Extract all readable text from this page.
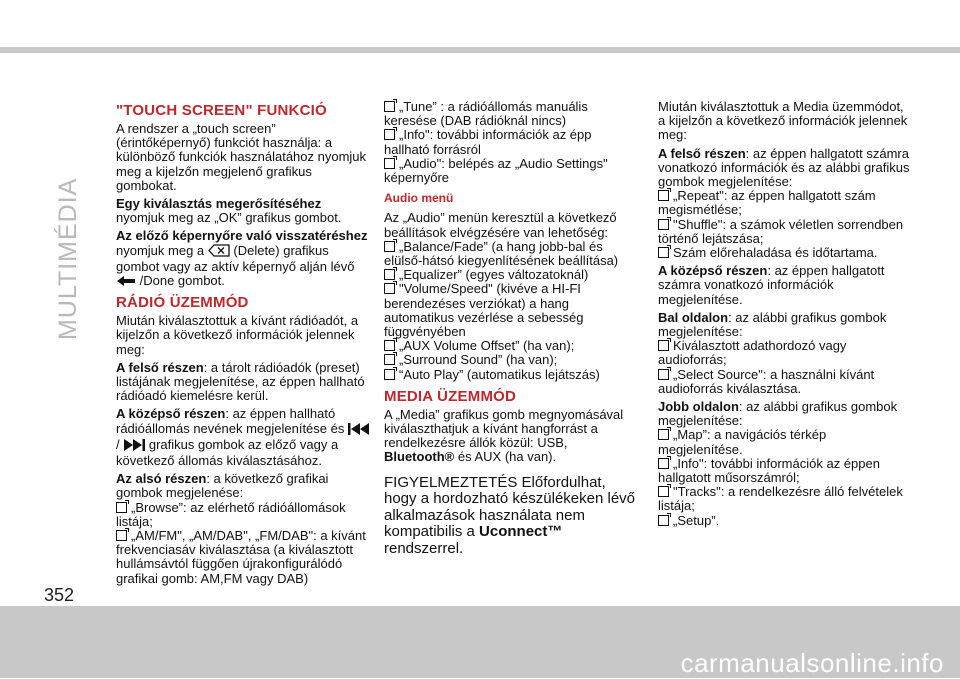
MULTIMÉDIA
"TOUCH SCREEN" FUNKCIÓ

A rendszer a „touch screen” (érintőképernyő) funkciót használja: a különböző funkciók használatához nyomjuk meg a kijelzőn megjelenő grafikus gombokat.

Egy kiválasztás megerősítéséhez nyomjuk meg az „OK” grafikus gombot.

Az előző képernyőre való visszatéréshez nyomjuk meg a  (Delete) grafikus gombot vagy az aktív képernyő alján lévő  /Done gombot.

RÁDIÓ ÜZEMMÓD

Miután kiválasztottuk a kívánt rádióadót, a kijelzőn a következő információk jelennek meg:

A felső részen: a tárolt rádióadók (preset) listájának megjelenítése, az éppen hallható rádióadó kiemelésre kerül.

A középső részen: az éppen hallható rádióállomás nevének megjelenítése és  /  grafikus gombok az előző vagy a következő állomás kiválasztásához.

Az alsó részen: a következő grafikai gombok megjelenése:

„Browse”: az elérhető rádióállomások listája;
„AM/FM", „AM/DAB", „FM/DAB": a kívánt frekvenciasáv kiválasztása (a kiválasztott hullámsávtól függően újrakonfigurálódó grafikai gomb: AM,FM vagy DAB)
„Tune” : a rádióállomás manuális keresése (DAB rádióknál nincs)
„Info": további információk az épp hallható forrásról
„Audio": belépés az „Audio Settings" képernyőre
Audio menü

Az „Audio” menün keresztül a következő beállítások elvégzésére van lehetőség:

„Balance/Fade” (a hang jobb-bal és elülső-hátsó kiegyenlítésének beállítása)
„Equalizer” (egyes változatoknál)
"Volume/Speed" (kivéve a HI-FI berendezéses verziókat) a hang automatikus vezérlése a sebesség függvényében
„AUX Volume Offset” (ha van);
„Surround Sound” (ha van);
“Auto Play” (automatikus lejátszás)
MEDIA ÜZEMMÓD

A „Media” grafikus gomb megnyomásával kiválaszthatjuk a kívánt hangforrást a rendelkezésre állók közül: USB, Bluetooth® és AUX (ha van).

FIGYELMEZTETÉS Előfordulhat, hogy a hordozható készülékeken lévő alkalmazások használata nem kompatibilis a Uconnect™ rendszerrel.

Miután kiválasztottuk a Media üzemmódot, a kijelzőn a következő információk jelennek meg:

A felső részen: az éppen hallgatott számra vonatkozó információk és az alábbi grafikus gombok megjelenítése:

„Repeat": az éppen hallgatott szám megismétlése;
"Shuffle": a számok véletlen sorrendben történő lejátszása;
Szám előrehaladása és időtartama.

A középső részen: az éppen hallgatott számra vonatkozó információk megjelenítése.

Bal oldalon: az alábbi grafikus gombok megjelenítése:

Kiválasztott adathordozó vagy audioforrás;
„Select Source": a használni kívánt audioforrás kiválasztása.

Jobb oldalon: az alábbi grafikus gombok megjelenítése:

„Map”: a navigációs térkép megjelenítése.
„Info": további információk az éppen hallgatott műsorszámról;
"Tracks": a rendelkezésre álló felvételek listája;
„Setup”.
352
carmanualsonline.info
